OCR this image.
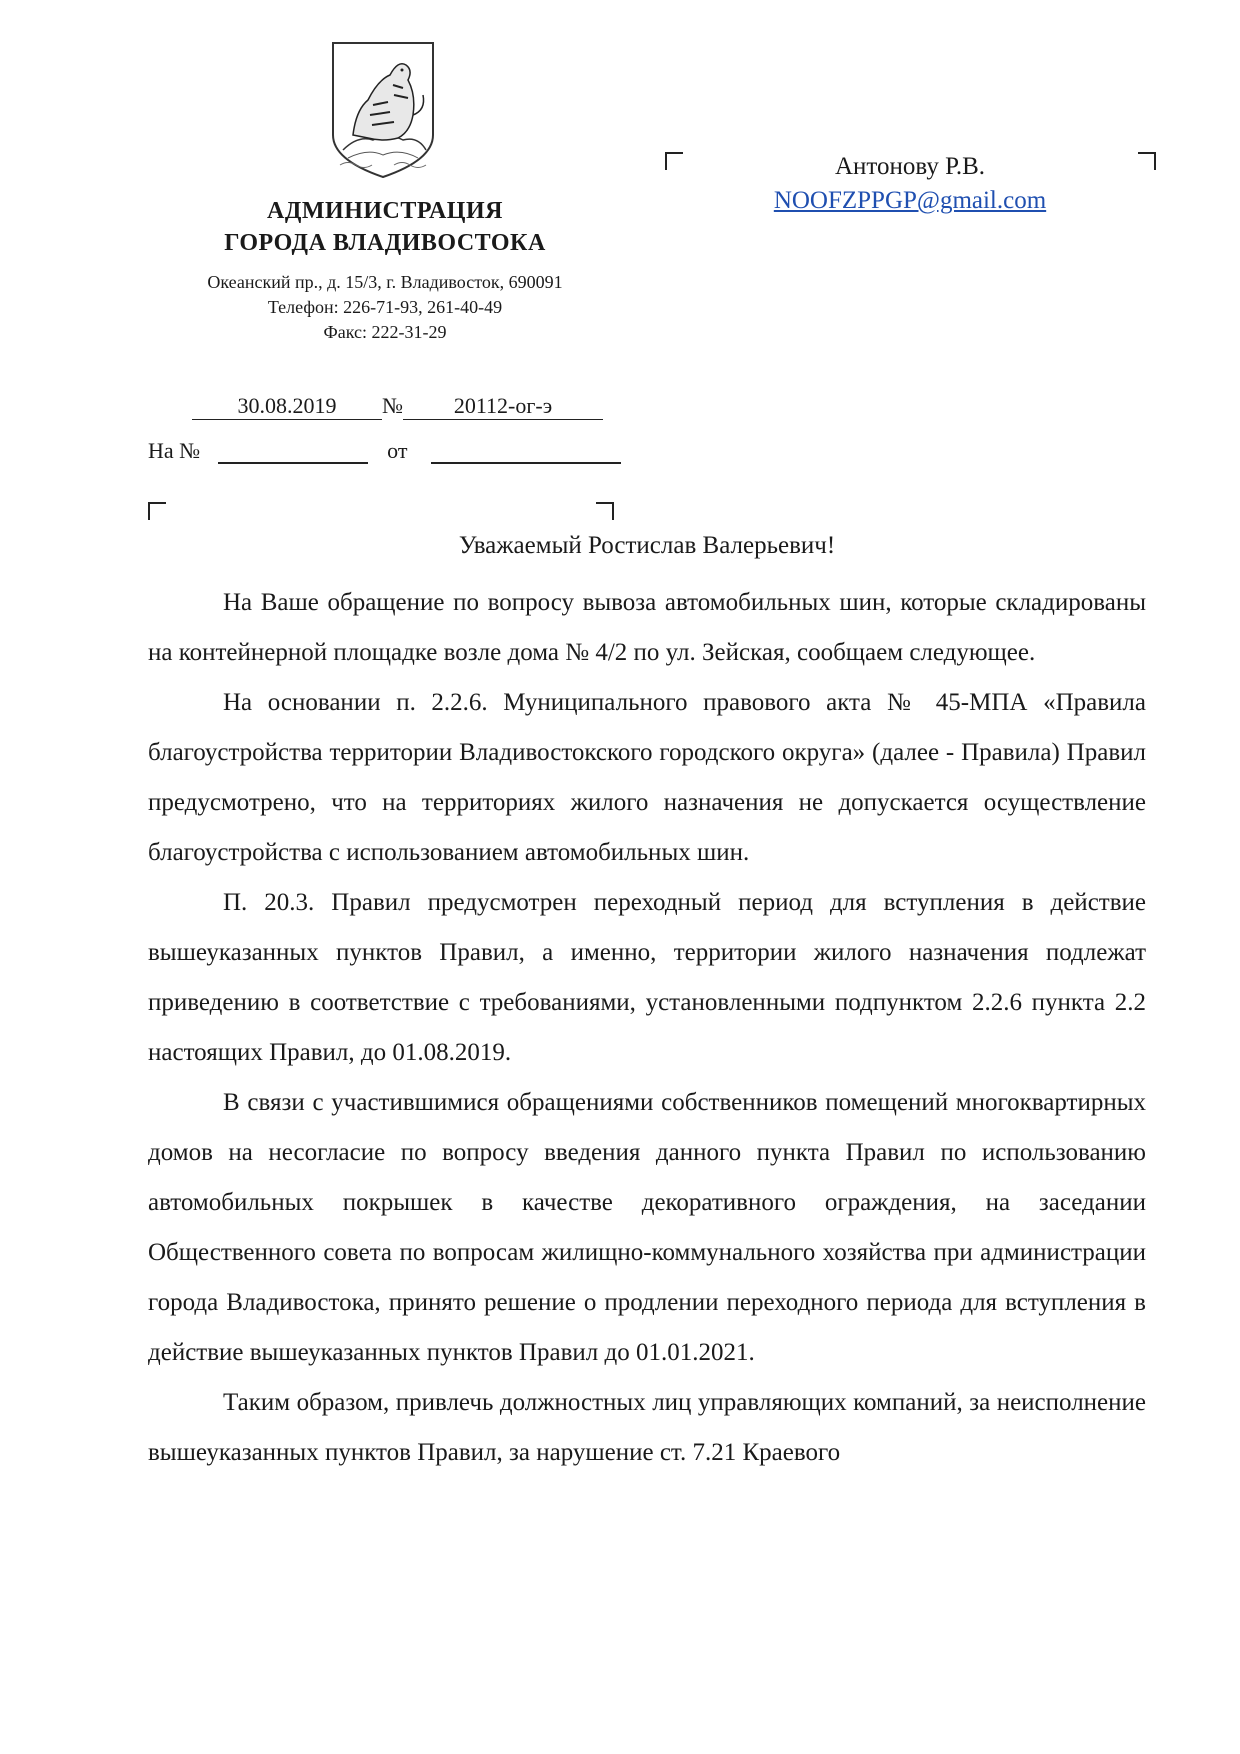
АДМИНИСТРАЦИЯ
ГОРОДА ВЛАДИВОСТОКА
Океанский пр., д. 15/3, г. Владивосток, 690091
Телефон: 226-71-93, 261-40-49
Факс: 222-31-29
Антонову Р.В.
NOOFZPPGP@gmail.com
30.08.2019 № 20112-ог-э
На №	от
Уважаемый Ростислав Валерьевич!

На Ваше обращение по вопросу вывоза автомобильных шин, которые складированы на контейнерной площадке возле дома № 4/2 по ул. Зейская, сообщаем следующее.

На основании п. 2.2.6. Муниципального правового акта № 45-МПА «Правила благоустройства территории Владивостокского городского округа» (далее - Правила) Правил предусмотрено, что на территориях жилого назначения не допускается осуществление благоустройства с использованием автомобильных шин.

П. 20.3. Правил предусмотрен переходный период для вступления в действие вышеуказанных пунктов Правил, а именно, территории жилого назначения подлежат приведению в соответствие с требованиями, установленными подпунктом 2.2.6 пункта 2.2 настоящих Правил, до 01.08.2019.

В связи с участившимися обращениями собственников помещений многоквартирных домов на несогласие по вопросу введения данного пункта Правил по использованию автомобильных покрышек в качестве декоративного ограждения, на заседании Общественного совета по вопросам жилищно-коммунального хозяйства при администрации города Владивостока, принято решение о продлении переходного периода для вступления в действие вышеуказанных пунктов Правил до 01.01.2021.

Таким образом, привлечь должностных лиц управляющих компаний, за неисполнение вышеуказанных пунктов Правил, за нарушение ст. 7.21 Краевого
